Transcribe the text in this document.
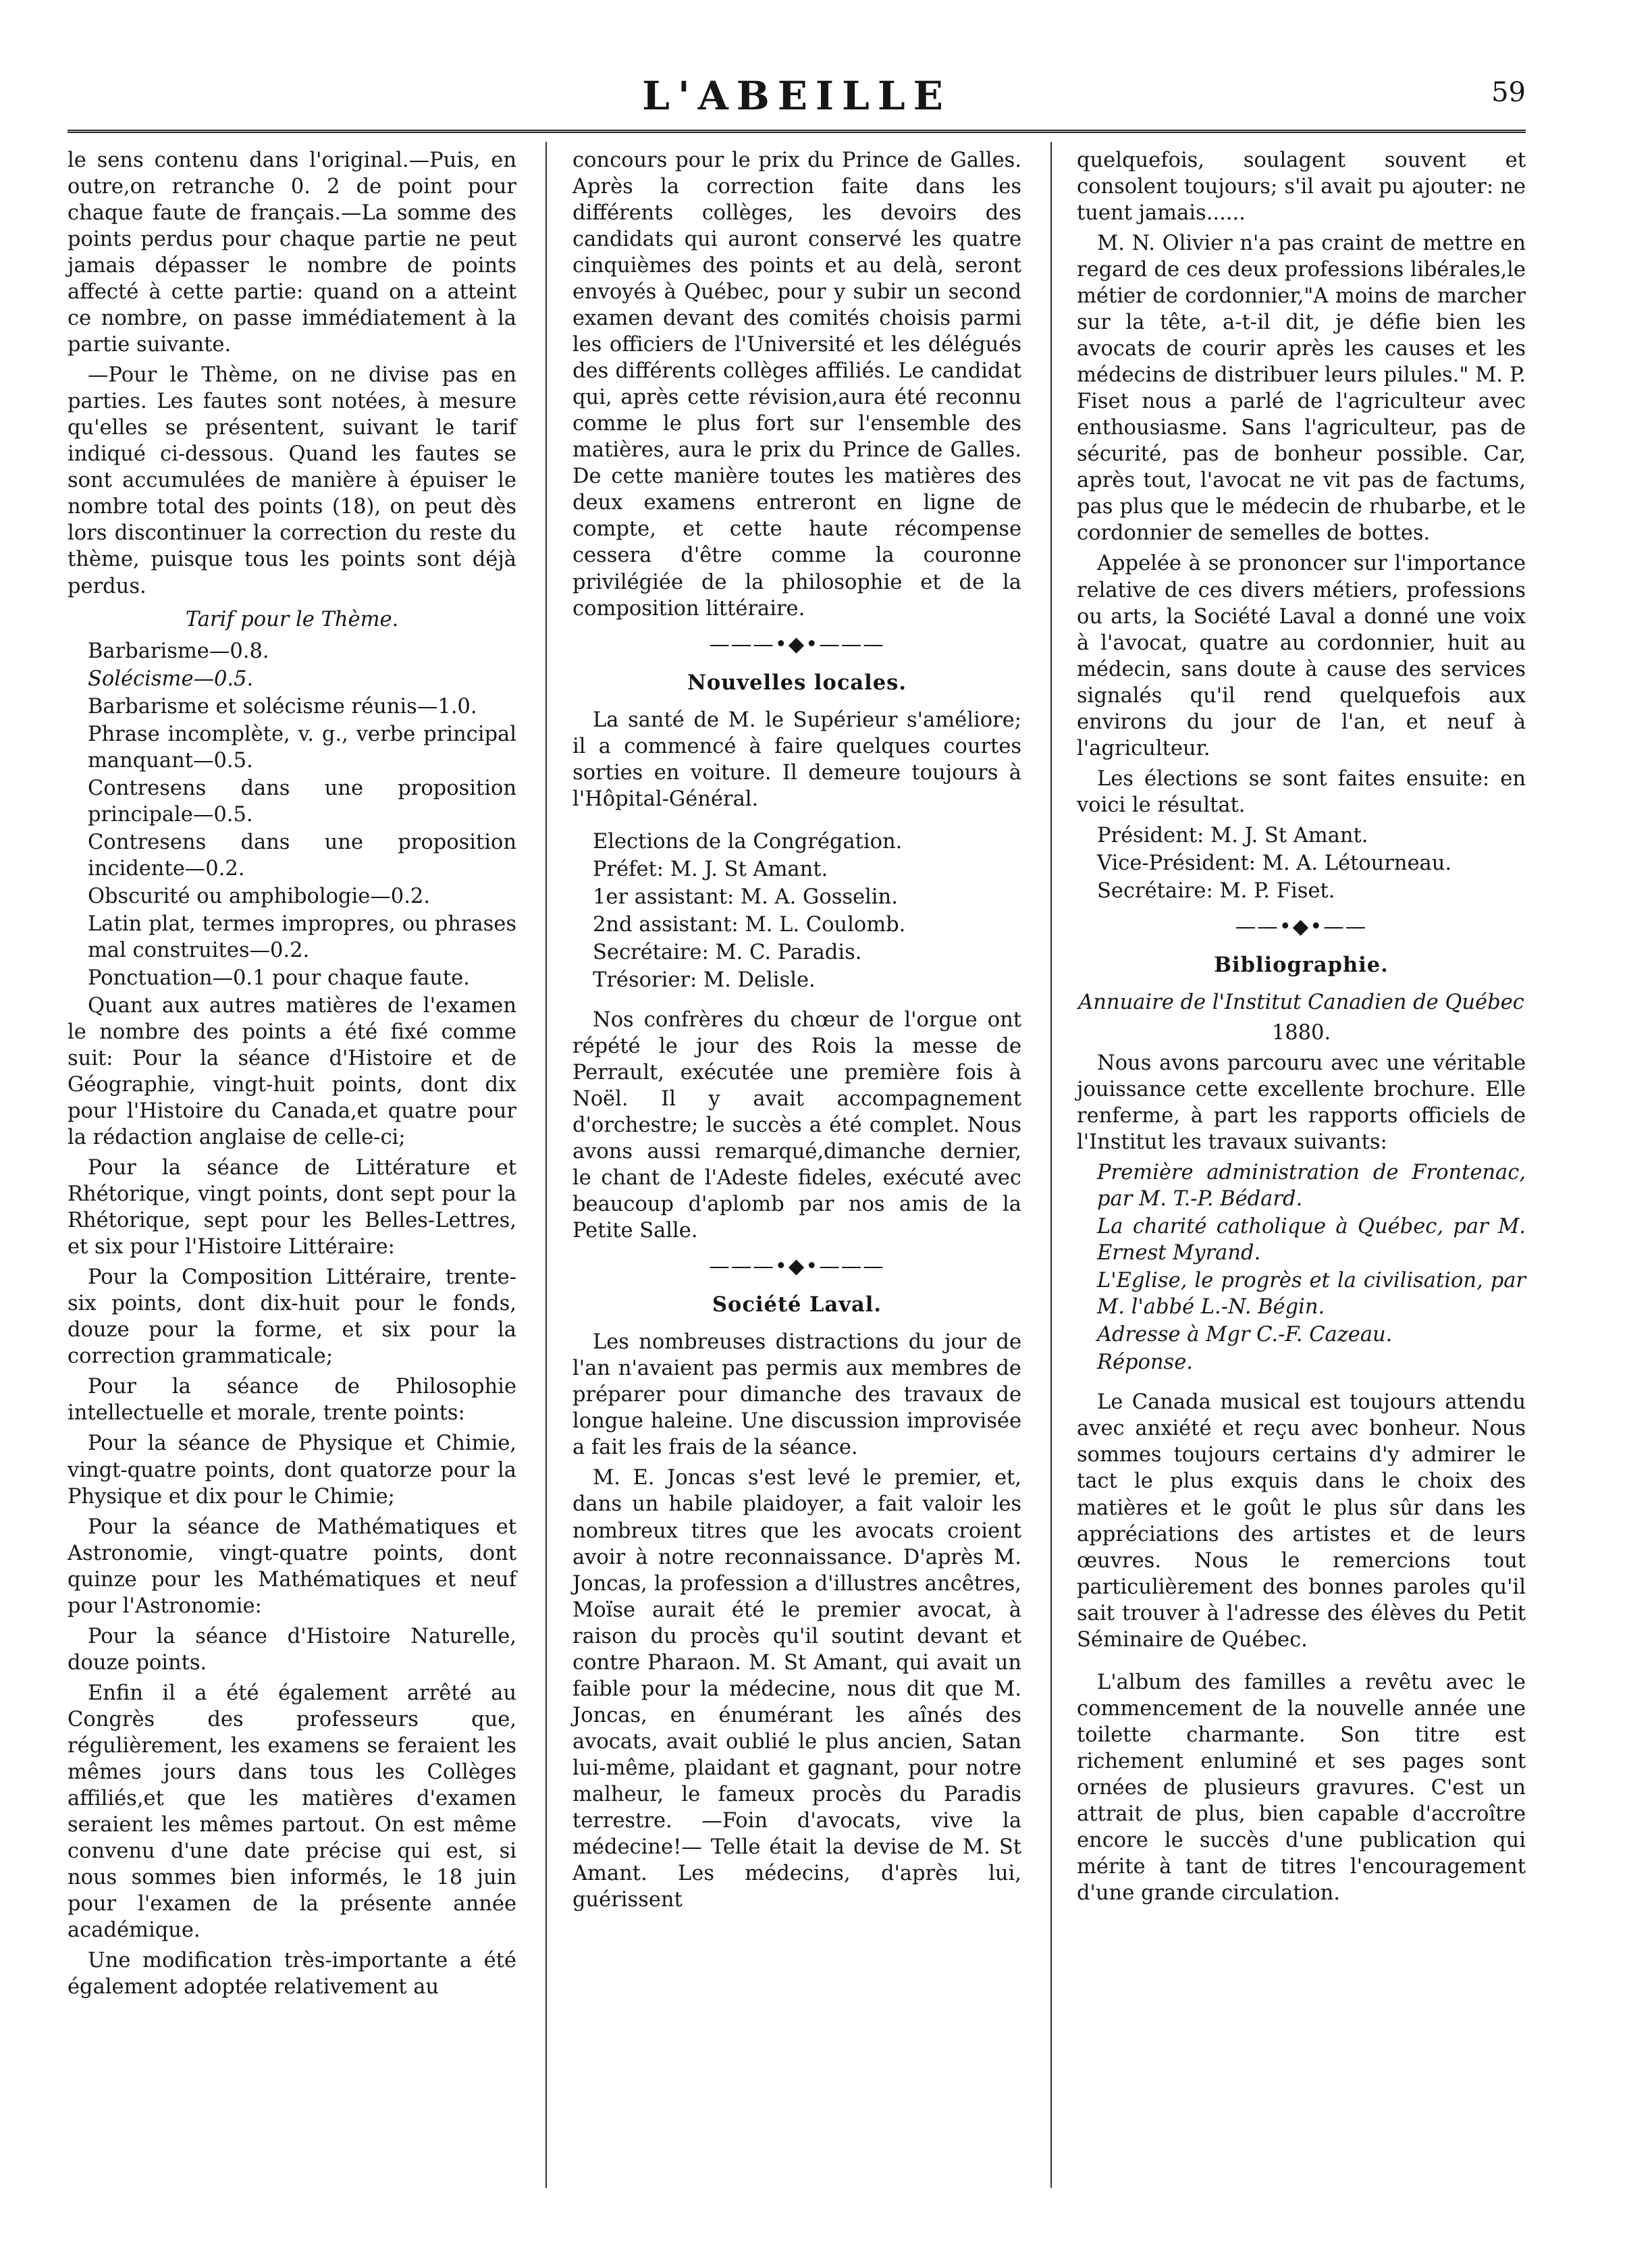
L'ABEILLE	59

le sens contenu dans l'original.—Puis, en outre,on retranche 0. 2 de point pour chaque faute de français.—La somme des points perdus pour chaque partie ne peut jamais dépasser le nombre de points affecté à cette partie: quand on a atteint ce nombre, on passe immédiatement à la partie suivante.

—Pour le Thème, on ne divise pas en parties. Les fautes sont notées, à mesure qu'elles se présentent, suivant le tarif indiqué ci-dessous. Quand les fautes se sont accumulées de manière à épuiser le nombre total des points (18), on peut dès lors discontinuer la correction du reste du thème, puisque tous les points sont déjà perdus.

Tarif pour le Thème.

Barbarisme—0.8.

Solécisme—0.5.

Barbarisme et solécisme réunis—1.0.

Phrase incomplète, v. g., verbe principal manquant—0.5.

Contresens dans une proposition principale—0.5.

Contresens dans une proposition incidente—0.2.

Obscurité ou amphibologie—0.2.

Latin plat, termes impropres, ou phrases mal construites—0.2.

Ponctuation—0.1 pour chaque faute.

Quant aux autres matières de l'examen le nombre des points a été fixé comme suit: Pour la séance d'Histoire et de Géographie, vingt-huit points, dont dix pour l'Histoire du Canada,et quatre pour la rédaction anglaise de celle-ci;

Pour la séance de Littérature et Rhétorique, vingt points, dont sept pour la Rhétorique, sept pour les Belles-Lettres, et six pour l'Histoire Littéraire:

Pour la Composition Littéraire, trente-six points, dont dix-huit pour le fonds, douze pour la forme, et six pour la correction grammaticale;

Pour la séance de Philosophie intellectuelle et morale, trente points:

Pour la séance de Physique et Chimie, vingt-quatre points, dont quatorze pour la Physique et dix pour le Chimie;

Pour la séance de Mathématiques et Astronomie, vingt-quatre points, dont quinze pour les Mathématiques et neuf pour l'Astronomie:

Pour la séance d'Histoire Naturelle, douze points.

Enfin il a été également arrêté au Congrès des professeurs que, régulièrement, les examens se feraient les mêmes jours dans tous les Collèges affiliés,et que les matières d'examen seraient les mêmes partout. On est même convenu d'une date précise qui est, si nous sommes bien informés, le 18 juin pour l'examen de la présente année académique.

Une modification très-importante a été également adoptée relativement au

concours pour le prix du Prince de Galles. Après la correction faite dans les différents collèges, les devoirs des candidats qui auront conservé les quatre cinquièmes des points et au delà, seront envoyés à Québec, pour y subir un second examen devant des comités choisis parmi les officiers de l'Université et les délégués des différents collèges affiliés. Le candidat qui, après cette révision,aura été reconnu comme le plus fort sur l'ensemble des matières, aura le prix du Prince de Galles. De cette manière toutes les matières des deux examens entreront en ligne de compte, et cette haute récompense cessera d'être comme la couronne privilégiée de la philosophie et de la composition littéraire.

———•◆•———
Nouvelles locales.

La santé de M. le Supérieur s'améliore; il a commencé à faire quelques courtes sorties en voiture. Il demeure toujours à l'Hôpital-Général.

Elections de la Congrégation.

Préfet: M. J. St Amant.

1er assistant: M. A. Gosselin.

2nd assistant: M. L. Coulomb.

Secrétaire: M. C. Paradis.

Trésorier: M. Delisle.

Nos confrères du chœur de l'orgue ont répété le jour des Rois la messe de Perrault, exécutée une première fois à Noël. Il y avait accompagnement d'orchestre; le succès a été complet. Nous avons aussi remarqué,dimanche dernier, le chant de l'Adeste fideles, exécuté avec beaucoup d'aplomb par nos amis de la Petite Salle.

———•◆•———
Société Laval.

Les nombreuses distractions du jour de l'an n'avaient pas permis aux membres de préparer pour dimanche des travaux de longue haleine. Une discussion improvisée a fait les frais de la séance.

M. E. Joncas s'est levé le premier, et, dans un habile plaidoyer, a fait valoir les nombreux titres que les avocats croient avoir à notre reconnaissance. D'après M. Joncas, la profession a d'illustres ancêtres, Moïse aurait été le premier avocat, à raison du procès qu'il soutint devant et contre Pharaon. M. St Amant, qui avait un faible pour la médecine, nous dit que M. Joncas, en énumérant les aînés des avocats, avait oublié le plus ancien, Satan lui-même, plaidant et gagnant, pour notre malheur, le fameux procès du Paradis terrestre. —Foin d'avocats, vive la médecine!— Telle était la devise de M. St Amant. Les médecins, d'après lui, guérissent

quelquefois, soulagent souvent et consolent toujours; s'il avait pu ajouter: ne tuent jamais......

M. N. Olivier n'a pas craint de mettre en regard de ces deux professions libérales,le métier de cordonnier,"A moins de marcher sur la tête, a-t-il dit, je défie bien les avocats de courir après les causes et les médecins de distribuer leurs pilules." M. P. Fiset nous a parlé de l'agriculteur avec enthousiasme. Sans l'agriculteur, pas de sécurité, pas de bonheur possible. Car, après tout, l'avocat ne vit pas de factums, pas plus que le médecin de rhubarbe, et le cordonnier de semelles de bottes.

Appelée à se prononcer sur l'importance relative de ces divers métiers, professions ou arts, la Société Laval a donné une voix à l'avocat, quatre au cordonnier, huit au médecin, sans doute à cause des services signalés qu'il rend quelquefois aux environs du jour de l'an, et neuf à l'agriculteur.

Les élections se sont faites ensuite: en voici le résultat.

Président: M. J. St Amant.

Vice-Président: M. A. Létourneau.

Secrétaire: M. P. Fiset.

——•◆•——
Bibliographie.

Annuaire de l'Institut Canadien de Québec

1880.

Nous avons parcouru avec une véritable jouissance cette excellente brochure. Elle renferme, à part les rapports officiels de l'Institut les travaux suivants:

Première administration de Frontenac, par M. T.-P. Bédard.

La charité catholique à Québec, par M. Ernest Myrand.

L'Eglise, le progrès et la civilisation, par M. l'abbé L.-N. Bégin.

Adresse à Mgr C.-F. Cazeau.

Réponse.

Le Canada musical est toujours attendu avec anxiété et reçu avec bonheur. Nous sommes toujours certains d'y admirer le tact le plus exquis dans le choix des matières et le goût le plus sûr dans les appréciations des artistes et de leurs œuvres. Nous le remercions tout particulièrement des bonnes paroles qu'il sait trouver à l'adresse des élèves du Petit Séminaire de Québec.

L'album des familles a revêtu avec le commencement de la nouvelle année une toilette charmante. Son titre est richement enluminé et ses pages sont ornées de plusieurs gravures. C'est un attrait de plus, bien capable d'accroître encore le succès d'une publication qui mérite à tant de titres l'encouragement d'une grande circulation.
